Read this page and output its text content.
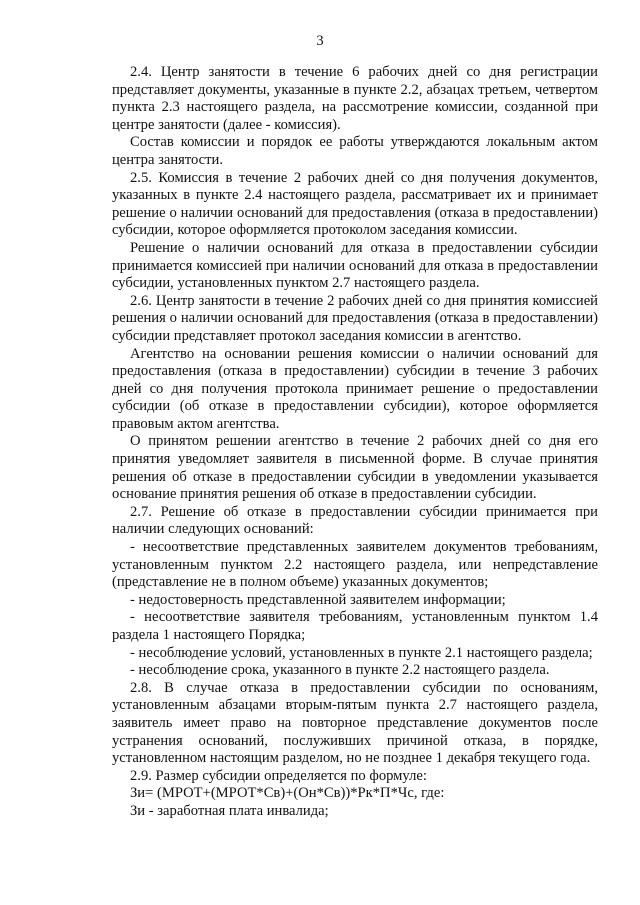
3

2.4. Центр занятости в течение 6 рабочих дней со дня регистрации представляет документы, указанные в пункте 2.2, абзацах третьем, четвертом пункта 2.3 настоящего раздела, на рассмотрение комиссии, созданной при центре занятости (далее - комиссия).

Состав комиссии и порядок ее работы утверждаются локальным актом центра занятости.

2.5. Комиссия в течение 2 рабочих дней со дня получения документов, указанных в пункте 2.4 настоящего раздела, рассматривает их и принимает решение о наличии оснований для предоставления (отказа в предоставлении) субсидии, которое оформляется протоколом заседания комиссии.

Решение о наличии оснований для отказа в предоставлении субсидии принимается комиссией при наличии оснований для отказа в предоставлении субсидии, установленных пунктом 2.7 настоящего раздела.

2.6. Центр занятости в течение 2 рабочих дней со дня принятия комиссией решения о наличии оснований для предоставления (отказа в предоставлении) субсидии представляет протокол заседания комиссии в агентство.

Агентство на основании решения комиссии о наличии оснований для предоставления (отказа в предоставлении) субсидии в течение 3 рабочих дней со дня получения протокола принимает решение о предоставлении субсидии (об отказе в предоставлении субсидии), которое оформляется правовым актом агентства.

О принятом решении агентство в течение 2 рабочих дней со дня его принятия уведомляет заявителя в письменной форме. В случае принятия решения об отказе в предоставлении субсидии в уведомлении указывается основание принятия решения об отказе в предоставлении субсидии.

2.7. Решение об отказе в предоставлении субсидии принимается при наличии следующих оснований:

- несоответствие представленных заявителем документов требованиям, установленным пунктом 2.2 настоящего раздела, или непредставление (представление не в полном объеме) указанных документов;

- недостоверность представленной заявителем информации;

- несоответствие заявителя требованиям, установленным пунктом 1.4 раздела 1 настоящего Порядка;

- несоблюдение условий, установленных в пункте 2.1 настоящего раздела;

- несоблюдение срока, указанного в пункте 2.2 настоящего раздела.

2.8. В случае отказа в предоставлении субсидии по основаниям, установленным абзацами вторым-пятым пункта 2.7 настоящего раздела, заявитель имеет право на повторное представление документов после устранения оснований, послуживших причиной отказа, в порядке, установленном настоящим разделом, но не позднее 1 декабря текущего года.

2.9. Размер субсидии определяется по формуле:

Зи= (МРОТ+(МРОТ*Св)+(Он*Св))*Рк*П*Чс, где:

Зи - заработная плата инвалида;
